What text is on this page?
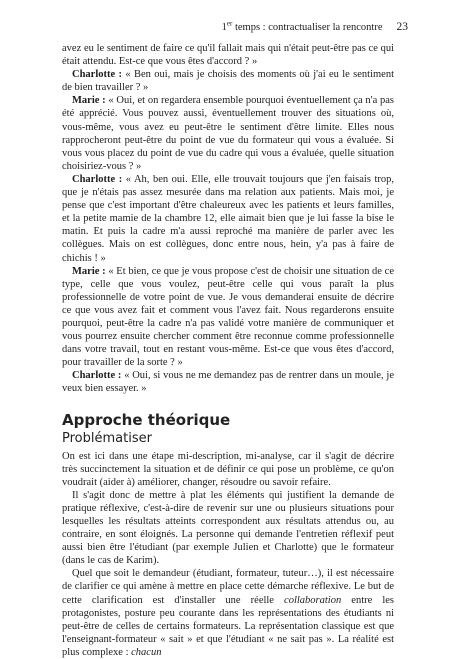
1er temps : contractualiser la rencontre 23

avez eu le sentiment de faire ce qu'il fallait mais qui n'était peut-être pas ce qui était attendu. Est-ce que vous êtes d'accord ? »

Charlotte : « Ben oui, mais je choisis des moments où j'ai eu le sentiment de bien travailler ? »

Marie : « Oui, et on regardera ensemble pourquoi éventuellement ça n'a pas été apprécié. Vous pouvez aussi, éventuellement trouver des situations où, vous-même, vous avez eu peut-être le sentiment d'être limite. Elles nous rapprocheront peut-être du point de vue du formateur qui vous a évaluée. Si vous vous placez du point de vue du cadre qui vous a évaluée, quelle situation choisiriez-vous ? »

Charlotte : « Ah, ben oui. Elle, elle trouvait toujours que j'en faisais trop, que je n'étais pas assez mesurée dans ma relation aux patients. Mais moi, je pense que c'est important d'être chaleureux avec les patients et leurs familles, et la petite mamie de la chambre 12, elle aimait bien que je lui fasse la bise le matin. Et puis la cadre m'a aussi reproché ma manière de parler avec les collègues. Mais on est collègues, donc entre nous, hein, y'a pas à faire de chichis ! »

Marie : « Et bien, ce que je vous propose c'est de choisir une situation de ce type, celle que vous voulez, peut-être celle qui vous paraît la plus professionnelle de votre point de vue. Je vous demanderai ensuite de décrire ce que vous avez fait et comment vous l'avez fait. Nous regarderons ensuite pourquoi, peut-être la cadre n'a pas validé votre manière de communiquer et vous pourrez ensuite chercher comment être reconnue comme professionnelle dans votre travail, tout en restant vous-même. Est-ce que vous êtes d'accord, pour travailler de la sorte ? »

Charlotte : « Oui, si vous ne me demandez pas de rentrer dans un moule, je veux bien essayer. »

Approche théorique
Problématiser

On est ici dans une étape mi-description, mi-analyse, car il s'agit de décrire très succinctement la situation et de définir ce qui pose un problème, ce qu'on voudrait (aider à) améliorer, changer, résoudre ou savoir refaire.

Il s'agit donc de mettre à plat les éléments qui justifient la demande de pratique réflexive, c'est-à-dire de revenir sur une ou plusieurs situations pour lesquelles les résultats atteints correspondent aux résultats attendus ou, au contraire, en sont éloignés. La personne qui demande l'entretien réflexif peut aussi bien être l'étudiant (par exemple Julien et Charlotte) que le formateur (dans le cas de Karim).

Quel que soit le demandeur (étudiant, formateur, tuteur…), il est nécessaire de clarifier ce qui amène à mettre en place cette démarche réflexive. Le but de cette clarification est d'installer une réelle collaboration entre les protagonistes, posture peu courante dans les représentations des étudiants ni peut-être de celles de certains formateurs. La représentation classique est que l'enseignant-formateur « sait » et que l'étudiant « ne sait pas ». La réalité est plus complexe : chacun
